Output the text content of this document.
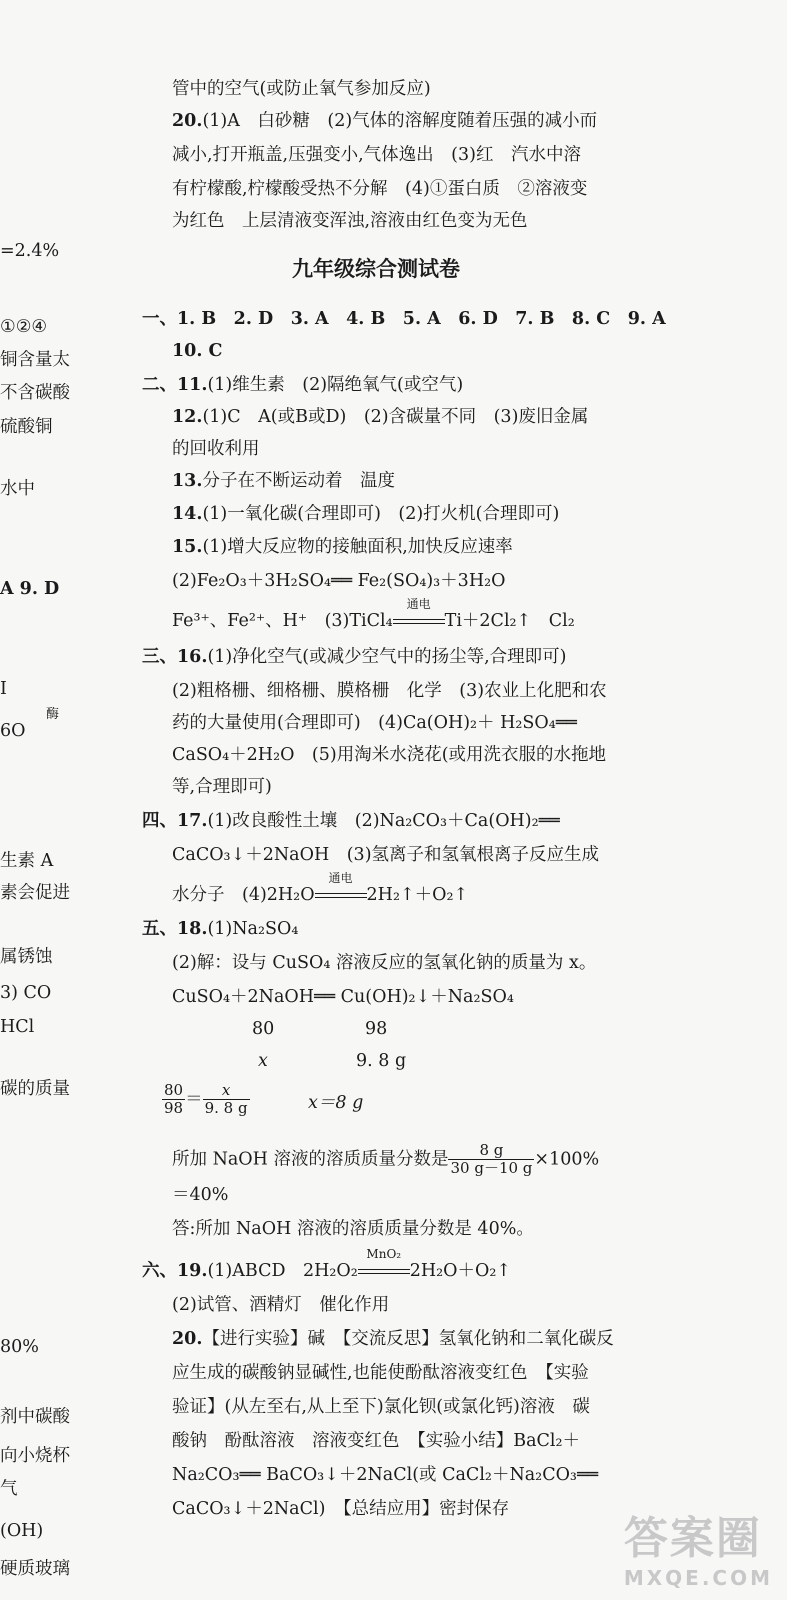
=2.4%
①②④
铜含量太
不含碳酸
硫酸铜
水中
A 9. D
I
6O
酶
生素 A
素会促进
属锈蚀
3) CO
HCl
碳的质量
80%
剂中碳酸
向小烧杯
气
(OH)
硬质玻璃
管中的空气(或防止氧气参加反应)
20.(1)A　白砂糖　(2)气体的溶解度随着压强的减小而
减小,打开瓶盖,压强变小,气体逸出　(3)红　汽水中溶
有柠檬酸,柠檬酸受热不分解　(4)①蛋白质　②溶液变
为红色　上层清液变浑浊,溶液由红色变为无色
九年级综合测试卷
一、1. B　2. D　3. A　4. B　5. A　6. D　7. B　8. C　9. A
10. C
二、11.(1)维生素　(2)隔绝氧气(或空气)
12.(1)C　A(或B或D)　(2)含碳量不同　(3)废旧金属
的回收利用
13.分子在不断运动着　温度
14.(1)一氧化碳(合理即可)　(2)打火机(合理即可)
15.(1)增大反应物的接触面积,加快反应速率
(2)Fe₂O₃＋3H₂SO₄══ Fe₂(SO₄)₃＋3H₂O
Fe³⁺、Fe²⁺、H⁺　(3)TiCl₄
通电
Ti＋2Cl₂↑　Cl₂
三、16.(1)净化空气(或减少空气中的扬尘等,合理即可)
(2)粗格栅、细格栅、膜格栅　化学　(3)农业上化肥和农
药的大量使用(合理即可)　(4)Ca(OH)₂＋ H₂SO₄══
CaSO₄＋2H₂O　(5)用淘米水浇花(或用洗衣服的水拖地
等,合理即可)
四、17.(1)改良酸性土壤　(2)Na₂CO₃＋Ca(OH)₂══
CaCO₃↓＋2NaOH　(3)氢离子和氢氧根离子反应生成
水分子　(4)2H₂O
通电
2H₂↑＋O₂↑
五、18.(1)Na₂SO₄
(2)解：设与 CuSO₄ 溶液反应的氢氧化钠的质量为 x。
CuSO₄＋2NaOH══ Cu(OH)₂↓＋Na₂SO₄
80	98
x	9. 8 g
$\frac{80}{98} = \frac{x}{9. 8 g}$	x＝8 g
所加 NaOH 溶液的溶质质量分数是 $\frac{8 g}{30 g-10 g} \times 100\%$
＝40%
答:所加 NaOH 溶液的溶质质量分数是 40%。
六、19.(1)ABCD　2H₂O₂
MnO₂
2H₂O＋O₂↑
(2)试管、酒精灯　催化作用
20.【进行实验】碱　【交流反思】氢氧化钠和二氧化碳反
应生成的碳酸钠显碱性,也能使酚酞溶液变红色　【实验
验证】(从左至右,从上至下)氯化钡(或氯化钙)溶液　碳
酸钠　酚酞溶液　溶液变红色　【实验小结】BaCl₂＋
Na₂CO₃══ BaCO₃↓＋2NaCl(或 CaCl₂＋Na₂CO₃══
CaCO₃↓＋2NaCl)　【总结应用】密封保存
答案圈
MXQE.COM
